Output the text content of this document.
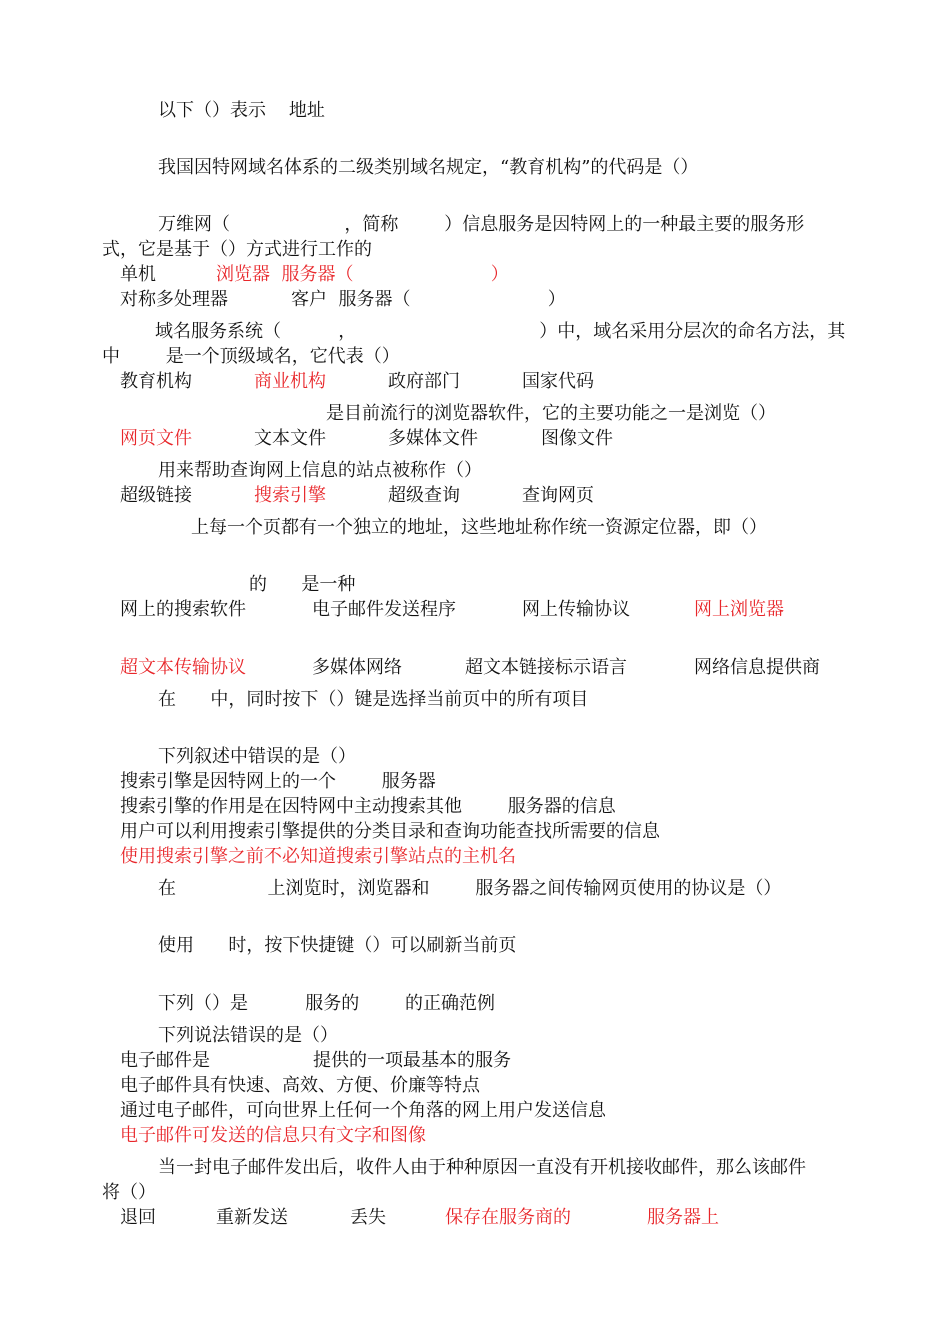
以下（）表示    地址
我国因特网域名体系的二级类别域名规定，“教育机构”的代码是（）
万维网（                    ，简称        ）信息服务是因特网上的一种最主要的服务形
式，它是基于（）方式进行工作的
单机	浏览器  服务器（                        ）
对称多处理器	客户  服务器（                        ）
域名服务系统（          ，                                ）中，域名采用分层次的命名方法，其
中        是一个顶级域名，它代表（）
教育机构	商业机构	政府部门	国家代码
是目前流行的浏览器软件，它的主要功能之一是浏览（）
网页文件	文本文件	多媒体文件	图像文件
用来帮助查询网上信息的站点被称作（）
超级链接	搜索引擎	超级查询	查询网页
上每一个页都有一个独立的地址，这些地址称作统一资源定位器，即（）
的      是一种
网上的搜索软件	电子邮件发送程序	网上传输协议	网上浏览器
超文本传输协议	多媒体网络	超文本链接标示语言	网络信息提供商
在      中，同时按下（）键是选择当前页中的所有项目
下列叙述中错误的是（）
搜索引擎是因特网上的一个        服务器
搜索引擎的作用是在因特网中主动搜索其他        服务器的信息
用户可以利用搜索引擎提供的分类目录和查询功能查找所需要的信息
使用搜索引擎之前不必知道搜索引擎站点的主机名
在                上浏览时，浏览器和        服务器之间传输网页使用的协议是（）
使用      时，按下快捷键（）可以刷新当前页
下列（）是          服务的        的正确范例
下列说法错误的是（）
电子邮件是                  提供的一项最基本的服务
电子邮件具有快速、高效、方便、价廉等特点
通过电子邮件，可向世界上任何一个角落的网上用户发送信息
电子邮件可发送的信息只有文字和图像
当一封电子邮件发出后，收件人由于种种原因一直没有开机接收邮件，那么该邮件
将（）
退回	重新发送	丢失	保存在服务商的	服务器上
